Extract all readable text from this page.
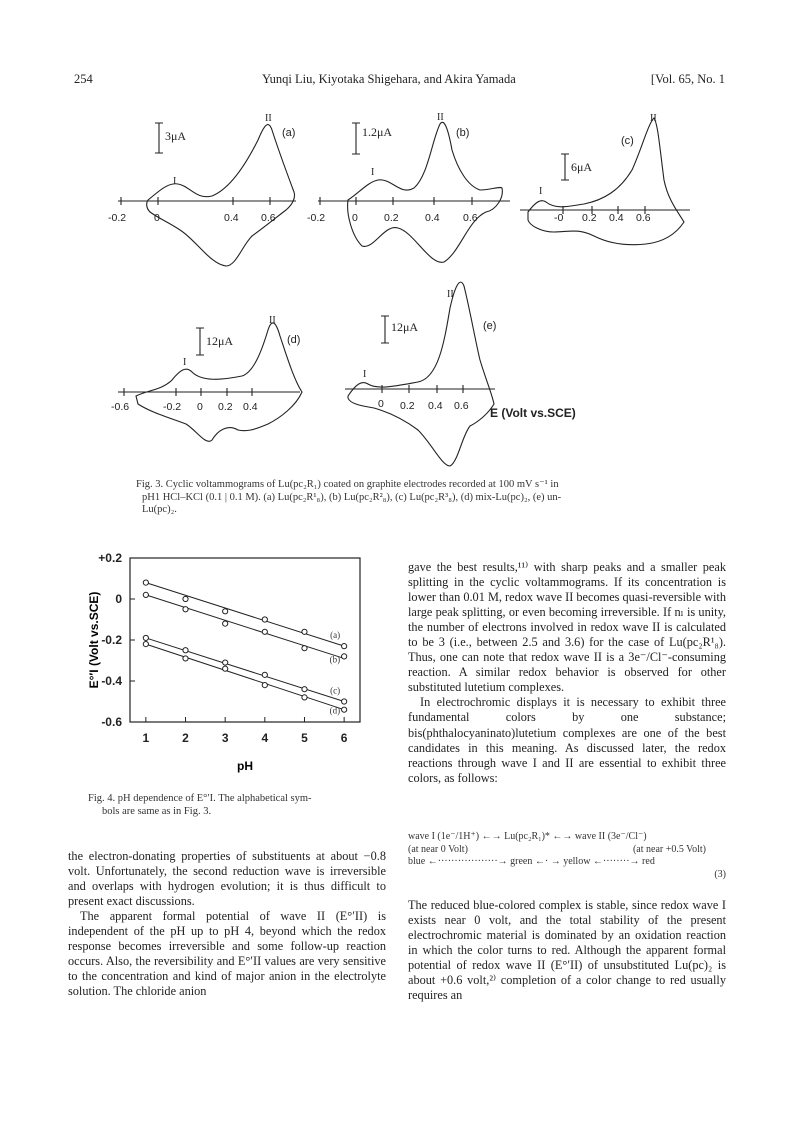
254	Yunqi Liu, Kiyotaka Shigehara, and Akira Yamada	[Vol. 65, No. 1
3μA	(a)
I
II
-0.2	0	0.4 0.6
1.2μA	(b)
I
II
-0.2	0 0.2	0.4 0.6
6μA
(c)
I
II
-0 0.2 0.4 0.6
12μA	(d)
I
II
-0.6	-0.2 0 0.2 0.4
12μA	(e)
I
II
0 0.2 0.4 0.6 E (Volt vs.SCE)
Fig. 3. Cyclic voltammograms of Lu(pc₂R₁) coated on graphite electrodes recorded at 100 mV s⁻¹ in
pH1 HCl–KCl (0.1 | 0.1 M). (a) Lu(pc₂R¹₈), (b) Lu(pc₂R²₈), (c) Lu(pc₂R³₈), (d) mix-Lu(pc)₂, (e) un-
Lu(pc)₂.
+0.2
0
-0.2
-0.4
-0.6
1	2	3	4	5	6
(a)
(b)
(c)
(d)
pH
E°′I (Volt vs.SCE)
Fig. 4. pH dependence of E°′I. The alphabetical sym-
bols are same as in Fig. 3.

the electron-donating properties of substituents at about −0.8 volt. Unfortunately, the second reduction wave is irreversible and overlaps with hydrogen evolution; it is thus difficult to present exact discussions.

The apparent formal potential of wave II (E°′II) is independent of the pH up to pH 4, beyond which the redox response becomes irreversible and some follow-up reaction occurs. Also, the reversibility and E°′II values are very sensitive to the concentration and kind of major anion in the electrolyte solution. The chloride anion

gave the best results,¹¹⁾ with sharp peaks and a smaller peak splitting in the cyclic voltammograms. If its concentration is lower than 0.01 M, redox wave II becomes quasi-reversible with large peak splitting, or even becoming irreversible. If nₗ is unity, the number of electrons involved in redox wave II is calculated to be 3 (i.e., between 2.5 and 3.6) for the case of Lu(pc₂R¹₈). Thus, one can note that redox wave II is a 3e⁻/Cl⁻-consuming reaction. A similar redox behavior is observed for other substituted lutetium complexes.

In electrochromic displays it is necessary to exhibit three fundamental colors by one substance; bis(phthalocyaninato)lutetium complexes are one of the best candidates in this meaning. As discussed later, the redox reactions through wave I and II are essential to exhibit three colors, as follows:

wave I (1e⁻/1H⁺) ←→ Lu(pc₂R₁)* ←→ wave II (3e⁻/Cl⁻)
(at near 0 Volt)	(at near +0.5 Volt)
blue ←··················→ green ←· → yellow ←········→ red
(3)

The reduced blue-colored complex is stable, since redox wave I exists near 0 volt, and the total stability of the present electrochromic material is dominated by an oxidation reaction in which the color turns to red. Although the apparent formal potential of redox wave II (E°′II) of unsubstituted Lu(pc)₂ is about +0.6 volt,²⁾ completion of a color change to red usually requires an
